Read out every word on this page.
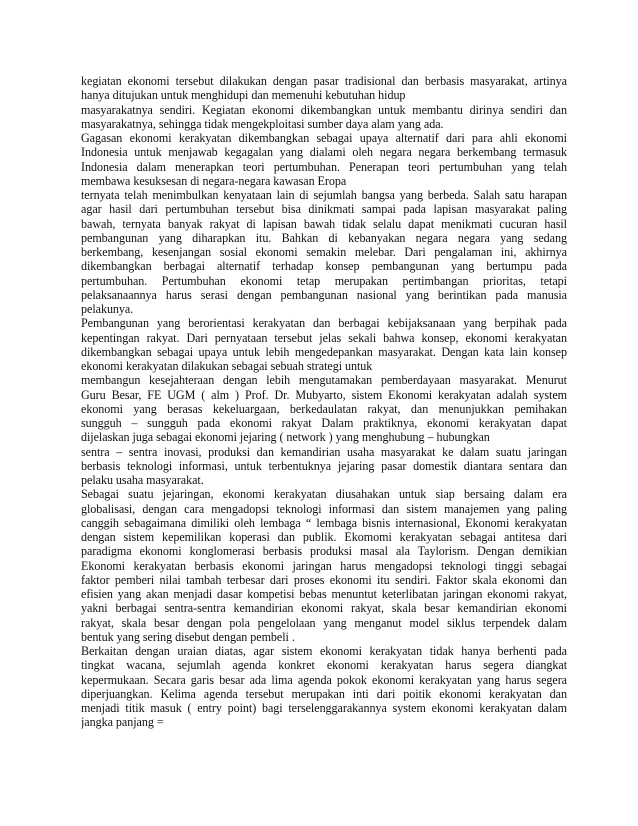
kegiatan ekonomi tersebut dilakukan dengan pasar tradisional dan berbasis masyarakat, artinya
hanya ditujukan untuk menghidupi dan memenuhi kebutuhan hidup
masyarakatnya sendiri. Kegiatan ekonomi dikembangkan untuk membantu dirinya sendiri dan
masyarakatnya, sehingga tidak mengekploitasi sumber daya alam yang ada.
Gagasan ekonomi kerakyatan dikembangkan sebagai upaya alternatif dari para ahli ekonomi
Indonesia untuk menjawab kegagalan yang dialami oleh negara negara berkembang termasuk
Indonesia dalam menerapkan teori pertumbuhan. Penerapan teori pertumbuhan yang telah
membawa kesuksesan di negara-negara kawasan Eropa
ternyata telah menimbulkan kenyataan lain di sejumlah bangsa yang berbeda. Salah satu harapan
agar hasil dari pertumbuhan tersebut bisa dinikmati sampai pada lapisan masyarakat paling
bawah, ternyata banyak rakyat di lapisan bawah tidak selalu dapat menikmati cucuran hasil
pembangunan yang diharapkan itu. Bahkan di kebanyakan negara negara yang sedang
berkembang, kesenjangan sosial ekonomi semakin melebar. Dari pengalaman ini, akhirnya
dikembangkan berbagai alternatif terhadap konsep pembangunan yang bertumpu pada
pertumbuhan. Pertumbuhan ekonomi tetap merupakan pertimbangan prioritas, tetapi
pelaksanaannya harus serasi dengan pembangunan nasional yang berintikan pada manusia
pelakunya.
Pembangunan yang berorientasi kerakyatan dan berbagai kebijaksanaan yang berpihak pada
kepentingan rakyat. Dari pernyataan tersebut jelas sekali bahwa konsep, ekonomi kerakyatan
dikembangkan sebagai upaya untuk lebih mengedepankan masyarakat. Dengan kata lain konsep
ekonomi kerakyatan dilakukan sebagai sebuah strategi untuk
membangun kesejahteraan dengan lebih mengutamakan pemberdayaan masyarakat. Menurut
Guru Besar, FE UGM ( alm ) Prof. Dr. Mubyarto, sistem Ekonomi kerakyatan adalah system
ekonomi yang berasas kekeluargaan, berkedaulatan rakyat, dan menunjukkan pemihakan
sungguh – sungguh pada ekonomi rakyat Dalam praktiknya, ekonomi kerakyatan dapat
dijelaskan juga sebagai ekonomi jejaring ( network ) yang menghubung – hubungkan
sentra – sentra inovasi, produksi dan kemandirian usaha masyarakat ke dalam suatu jaringan
berbasis teknologi informasi, untuk terbentuknya jejaring pasar domestik diantara sentara dan
pelaku usaha masyarakat.
Sebagai suatu jejaringan, ekonomi kerakyatan diusahakan untuk siap bersaing dalam era
globalisasi, dengan cara mengadopsi teknologi informasi dan sistem manajemen yang paling
canggih sebagaimana dimiliki oleh lembaga “ lembaga bisnis internasional, Ekonomi kerakyatan
dengan sistem kepemilikan koperasi dan publik. Ekomomi kerakyatan sebagai antitesa dari
paradigma ekonomi konglomerasi berbasis produksi masal ala Taylorism. Dengan demikian
Ekonomi kerakyatan berbasis ekonomi jaringan harus mengadopsi teknologi tinggi sebagai
faktor pemberi nilai tambah terbesar dari proses ekonomi itu sendiri. Faktor skala ekonomi dan
efisien yang akan menjadi dasar kompetisi bebas menuntut keterlibatan jaringan ekonomi rakyat,
yakni berbagai sentra-sentra kemandirian ekonomi rakyat, skala besar kemandirian ekonomi
rakyat, skala besar dengan pola pengelolaan yang menganut model siklus terpendek dalam
bentuk yang sering disebut dengan pembeli .
Berkaitan dengan uraian diatas, agar sistem ekonomi kerakyatan tidak hanya berhenti pada
tingkat wacana, sejumlah agenda konkret ekonomi kerakyatan harus segera diangkat
kepermukaan. Secara garis besar ada lima agenda pokok ekonomi kerakyatan yang harus segera
diperjuangkan. Kelima agenda tersebut merupakan inti dari poitik ekonomi kerakyatan dan
menjadi titik masuk ( entry point) bagi terselenggarakannya system ekonomi kerakyatan dalam
jangka panjang =
